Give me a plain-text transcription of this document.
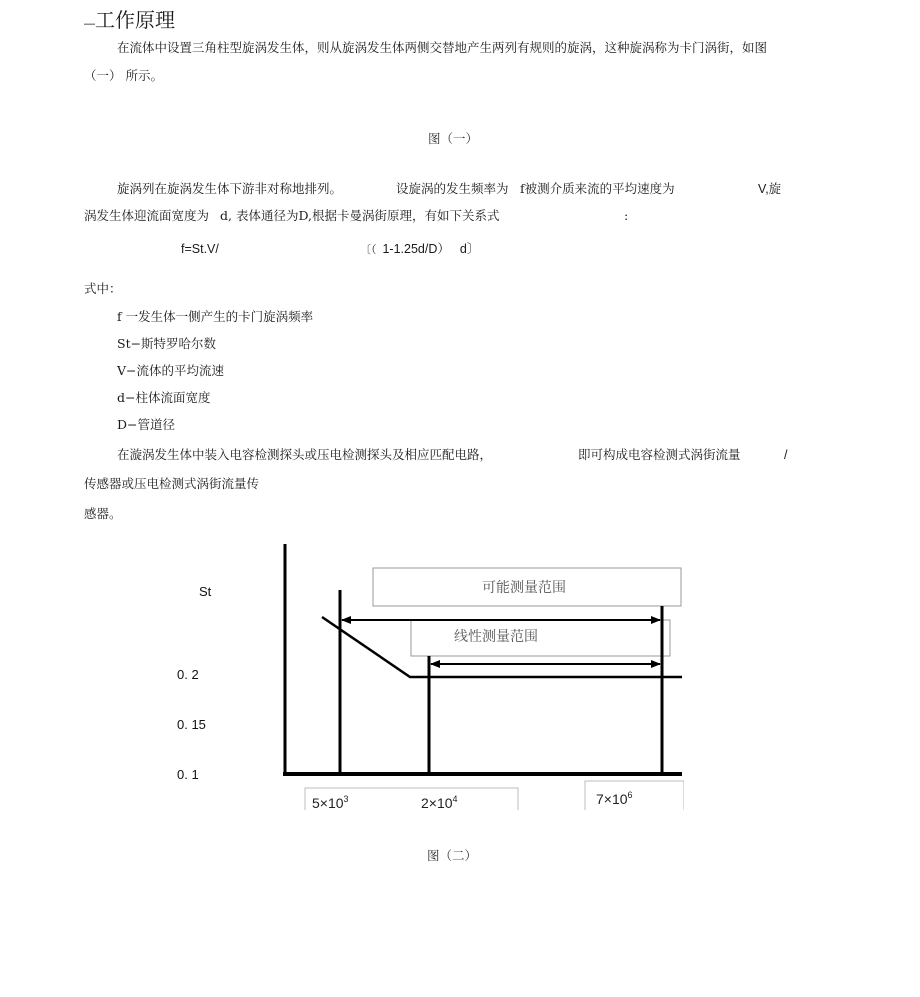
—工作原理
在流体中设置三角柱型旋涡发生体，则从旋涡发生体两侧交替地产生两列有规则的旋涡，这种旋涡称为卡门涡街，如图
（一） 所示。
图（一）
旋涡列在旋涡发生体下游非对称地排列。	设旋涡的发生频率为 f被测介质来流的平均速度为	V,旋
涡发生体迎流面宽度为 d, 表体通径为D,根据卡曼涡街原理，有如下关系式	:
f=St.V/	〔（ 1-1.25d/D） d〕
式中：
f 一发生体一侧产生的卡门旋涡频率
St−斯特罗哈尔数
V−流体的平均流速
d−柱体流面宽度
D−管道径
在漩涡发生体中装入电容检测探头或压电检测探头及相应匹配电路，	即可构成电容检测式涡街流量	/
传感器或压电检测式涡街流量传
感器。
St
0. 2
0. 15
0. 1
可能测量范围
线性测量范围
$5\times 10^3$	$2\times 10^4$	$7\times 10^6$
图（二）
